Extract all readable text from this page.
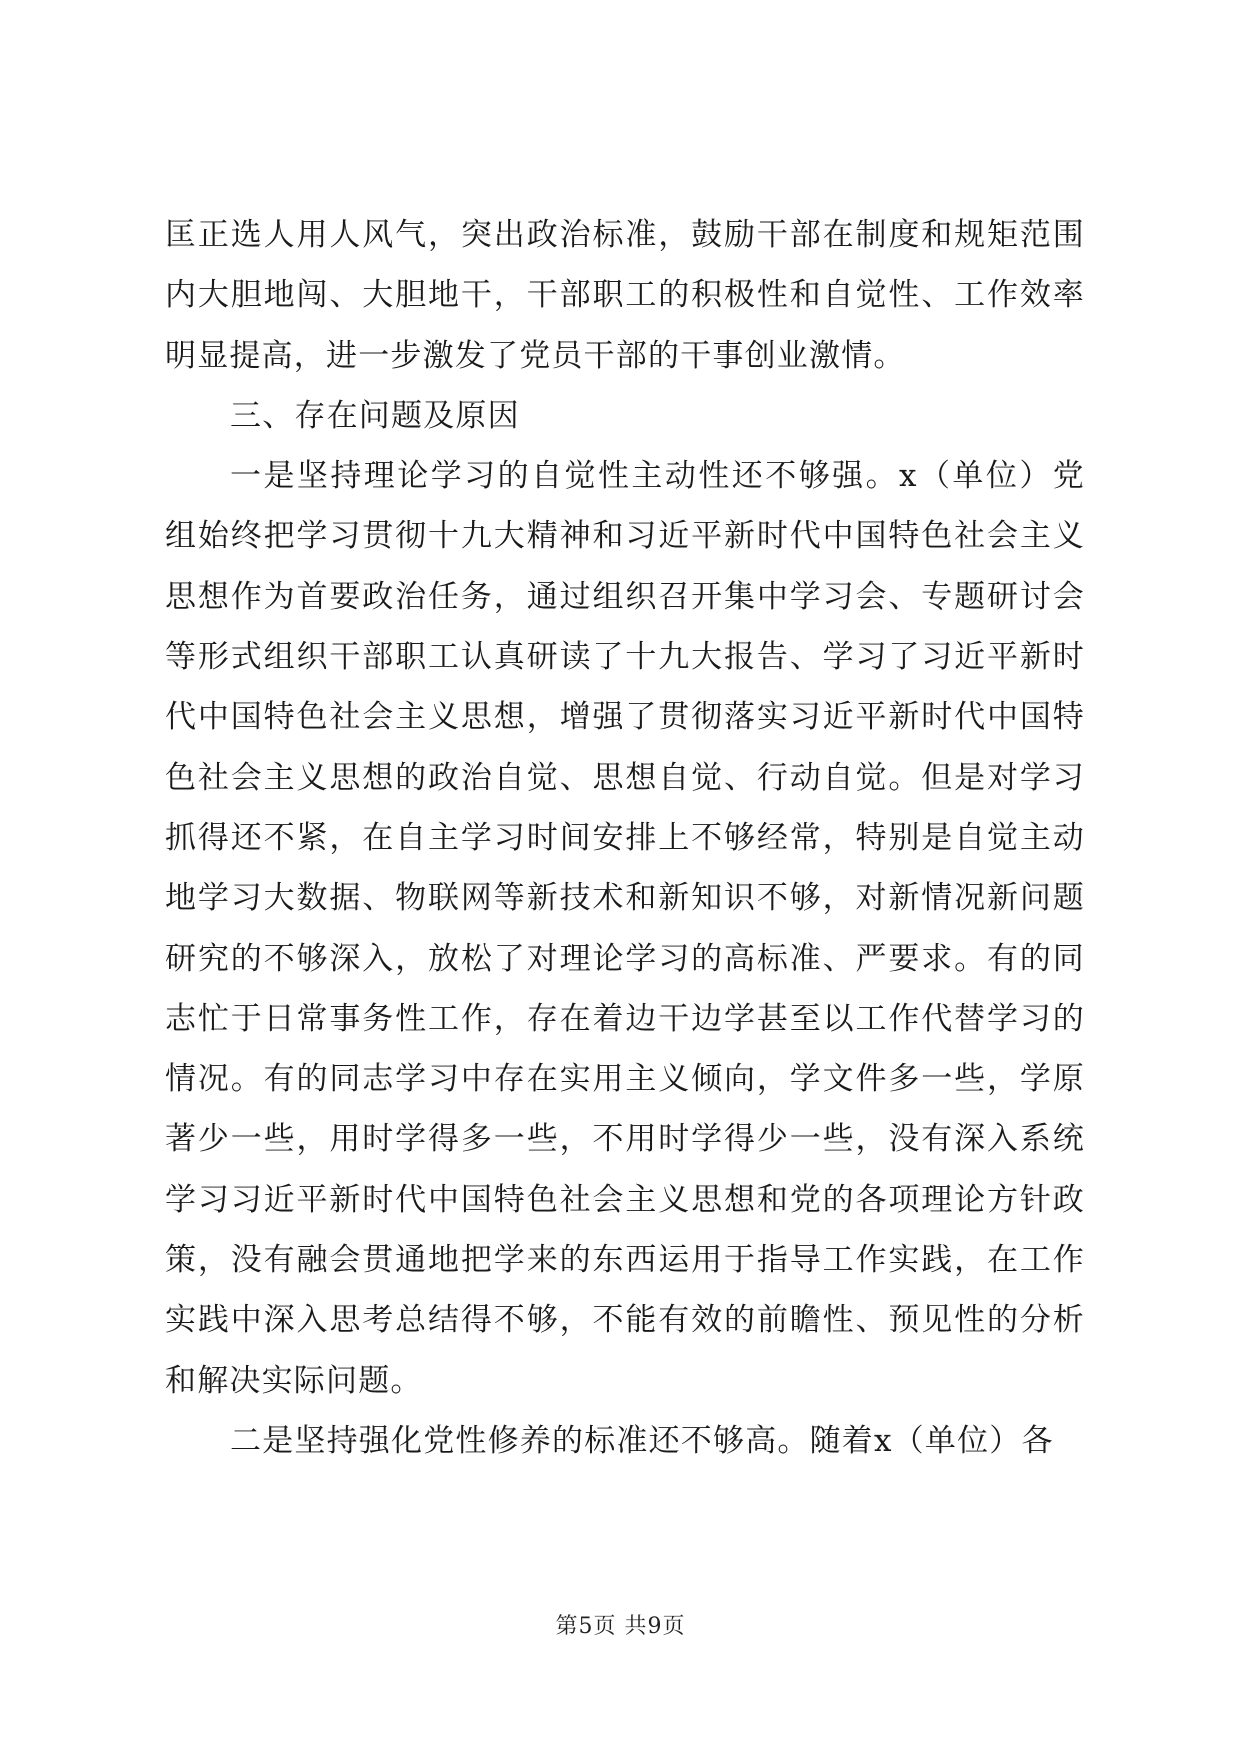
匡正选人用人风气，突出政治标准，鼓励干部在制度和规矩范围内大胆地闯、大胆地干，干部职工的积极性和自觉性、工作效率明显提高，进一步激发了党员干部的干事创业激情。

三、存在问题及原因

一是坚持理论学习的自觉性主动性还不够强。x（单位）党组始终把学习贯彻十九大精神和习近平新时代中国特色社会主义思想作为首要政治任务，通过组织召开集中学习会、专题研讨会等形式组织干部职工认真研读了十九大报告、学习了习近平新时代中国特色社会主义思想，增强了贯彻落实习近平新时代中国特色社会主义思想的政治自觉、思想自觉、行动自觉。但是对学习抓得还不紧，在自主学习时间安排上不够经常，特别是自觉主动地学习大数据、物联网等新技术和新知识不够，对新情况新问题研究的不够深入，放松了对理论学习的高标准、严要求。有的同志忙于日常事务性工作，存在着边干边学甚至以工作代替学习的情况。有的同志学习中存在实用主义倾向，学文件多一些，学原著少一些，用时学得多一些，不用时学得少一些，没有深入系统学习习近平新时代中国特色社会主义思想和党的各项理论方针政策，没有融会贯通地把学来的东西运用于指导工作实践，在工作实践中深入思考总结得不够，不能有效的前瞻性、预见性的分析和解决实际问题。

二是坚持强化党性修养的标准还不够高。随着x（单位）各

第5页 共9页
